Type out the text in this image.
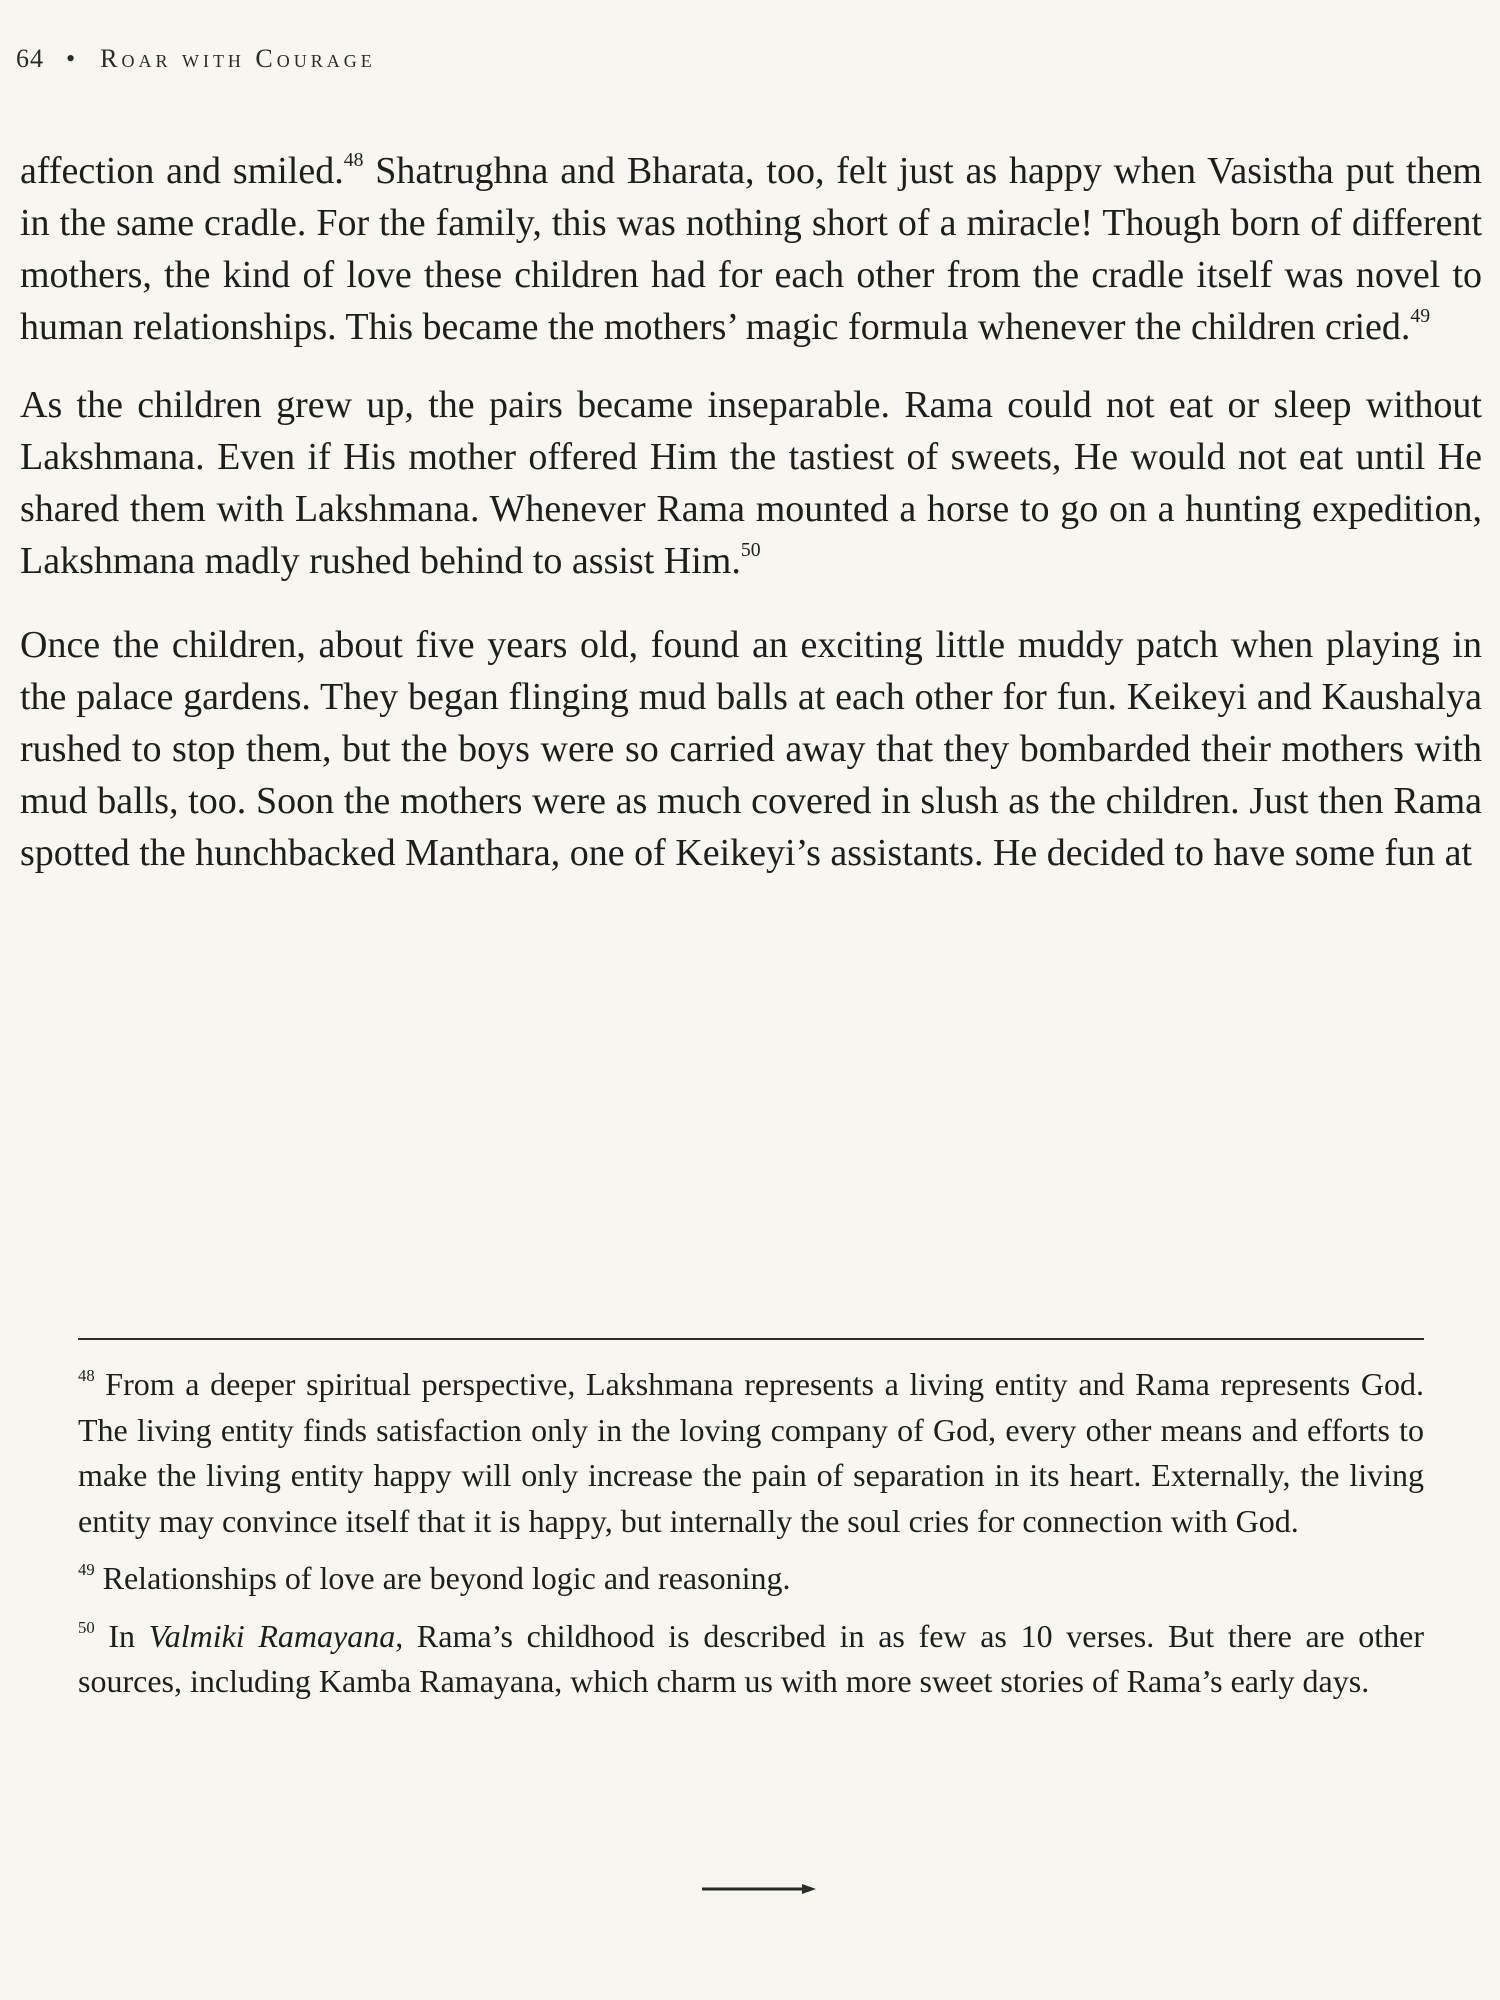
64 • Roar with Courage

affection and smiled.$^{48}$ Shatrughna and Bharata, too, felt just as happy when Vasistha put them in the same cradle. For the family, this was nothing short of a miracle! Though born of different mothers, the kind of love these children had for each other from the cradle itself was novel to human relationships. This became the mothers’ magic formula whenever the children cried.$^{49}$

As the children grew up, the pairs became inseparable. Rama could not eat or sleep without Lakshmana. Even if His mother offered Him the tastiest of sweets, He would not eat until He shared them with Lakshmana. Whenever Rama mounted a horse to go on a hunting expedition, Lakshmana madly rushed behind to assist Him.$^{50}$

Once the children, about five years old, found an exciting little muddy patch when playing in the palace gardens. They began flinging mud balls at each other for fun. Keikeyi and Kaushalya rushed to stop them, but the boys were so carried away that they bombarded their mothers with mud balls, too. Soon the mothers were as much covered in slush as the children. Just then Rama spotted the hunchbacked Manthara, one of Keikeyi’s assistants. He decided to have some fun at

$^{48}$ From a deeper spiritual perspective, Lakshmana represents a living entity and Rama represents God. The living entity finds satisfaction only in the loving company of God, every other means and efforts to make the living entity happy will only increase the pain of separation in its heart. Externally, the living entity may convince itself that it is happy, but internally the soul cries for connection with God.
$^{49}$ Relationships of love are beyond logic and reasoning.
$^{50}$ In Valmiki Ramayana, Rama’s childhood is described in as few as 10 verses. But there are other sources, including Kamba Ramayana, which charm us with more sweet stories of Rama’s early days.
